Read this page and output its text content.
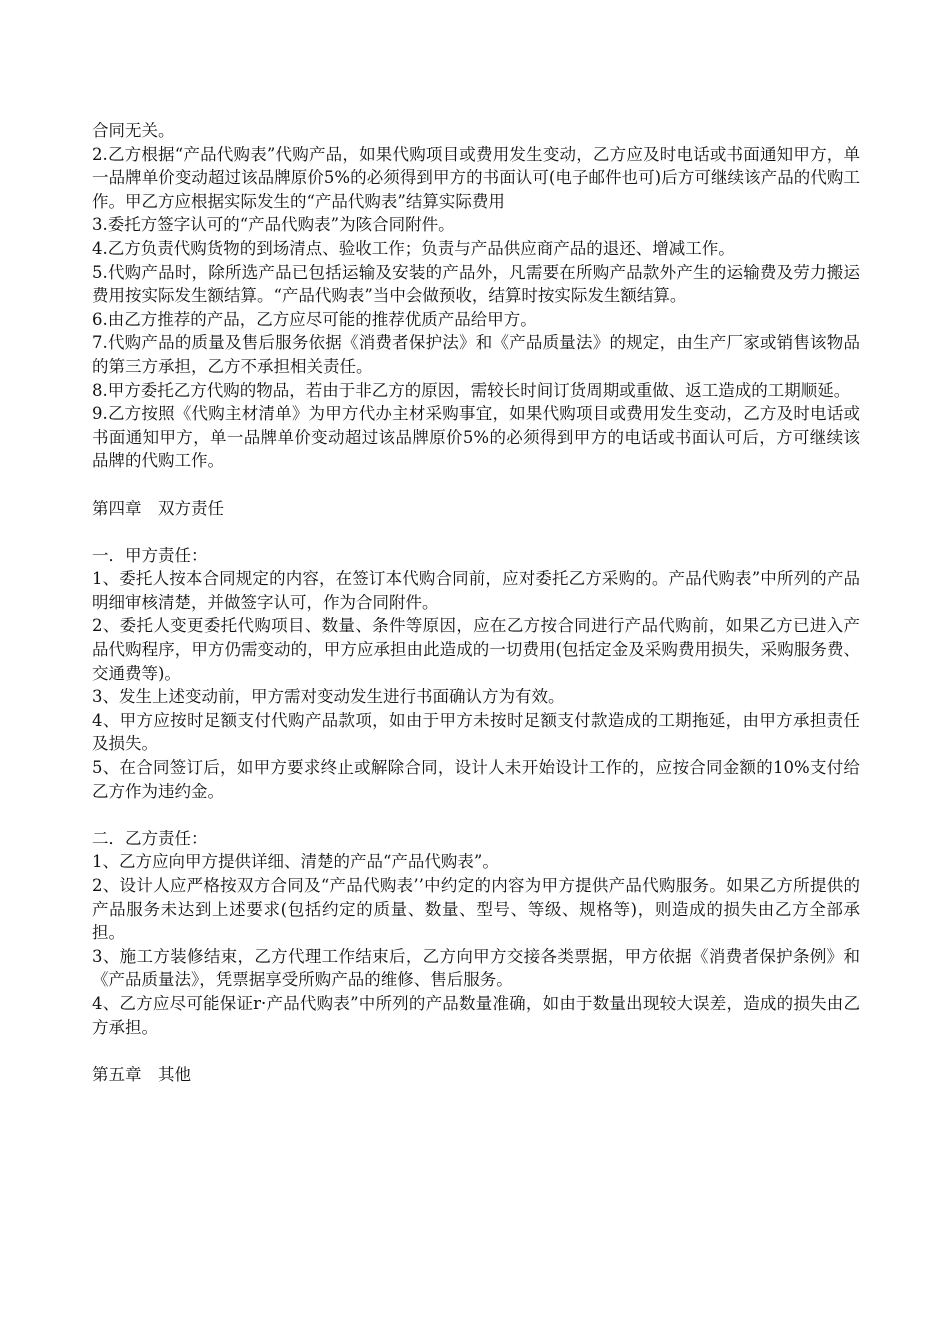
合同无关。

2.乙方根据“产品代购表”代购产品，如果代购项目或费用发生变动，乙方应及时电话或书面通知甲方，单一品牌单价变动超过该品牌原价5%的必须得到甲方的书面认可(电子邮件也可)后方可继续该产品的代购工作。甲乙方应根据实际发生的“产品代购表”结算实际费用

3.委托方签字认可的“产品代购表”为陔合同附件。

4.乙方负责代购货物的到场清点、验收工作；负责与产品供应商产品的退还、增减工作。

5.代购产品时，除所选产品已包括运输及安装的产品外，凡需要在所购产品款外产生的运输费及劳力搬运费用按实际发生额结算。“产品代购表”当中会做预收，结算时按实际发生额结算。

6.由乙方推荐的产品，乙方应尽可能的推荐优质产品给甲方。

7.代购产品的质量及售后服务依据《消费者保护法》和《产品质量法》的规定，由生产厂家或销售该物品的第三方承担，乙方不承担相关责任。

8.甲方委托乙方代购的物品，若由于非乙方的原因，需较长时间订货周期或重做、返工造成的工期顺延。

9.乙方按照《代购主材清单》为甲方代办主材采购事宜，如果代购项目或费用发生变动，乙方及时电话或书面通知甲方，单一品牌单价变动超过该品牌原价5%的必须得到甲方的电话或书面认可后，方可继续该品牌的代购工作。

第四章　双方责任

一．甲方责任：

1、委托人按本合同规定的内容，在签订本代购合同前，应对委托乙方采购的。产品代购表”中所列的产品明细审核清楚，并做签字认可，作为合同附件。

2、委托人变更委托代购项目、数量、条件等原因，应在乙方按合同进行产品代购前，如果乙方已进入产品代购程序，甲方仍需变动的，甲方应承担由此造成的一切费用(包括定金及采购费用损失，采购服务费、交通费等)。

3、发生上述变动前，甲方需对变动发生进行书面确认方为有效。

4、甲方应按时足额支付代购产品款项，如由于甲方未按时足额支付款造成的工期拖延，由甲方承担责任及损失。

5、在合同签订后，如甲方要求终止或解除合同，设计人未开始设计工作的，应按合同金额的10%支付给乙方作为违约金。

二．乙方责任：

1、乙方应向甲方提供详细、清楚的产品“产品代购表”。

2、设计人应严格按双方合同及“产品代购表’’中约定的内容为甲方提供产品代购服务。如果乙方所提供的产品服务未达到上述要求(包括约定的质量、数量、型号、等级、规格等)，则造成的损失由乙方全部承担。

3、施工方装修结束，乙方代理工作结束后，乙方向甲方交接各类票据，甲方依据《消费者保护条例》和《产品质量法》，凭票据享受所购产品的维修、售后服务。

4、乙方应尽可能保证r·产品代购表”中所列的产品数量准确，如由于数量出现较大误差，造成的损失由乙方承担。

第五章　其他
